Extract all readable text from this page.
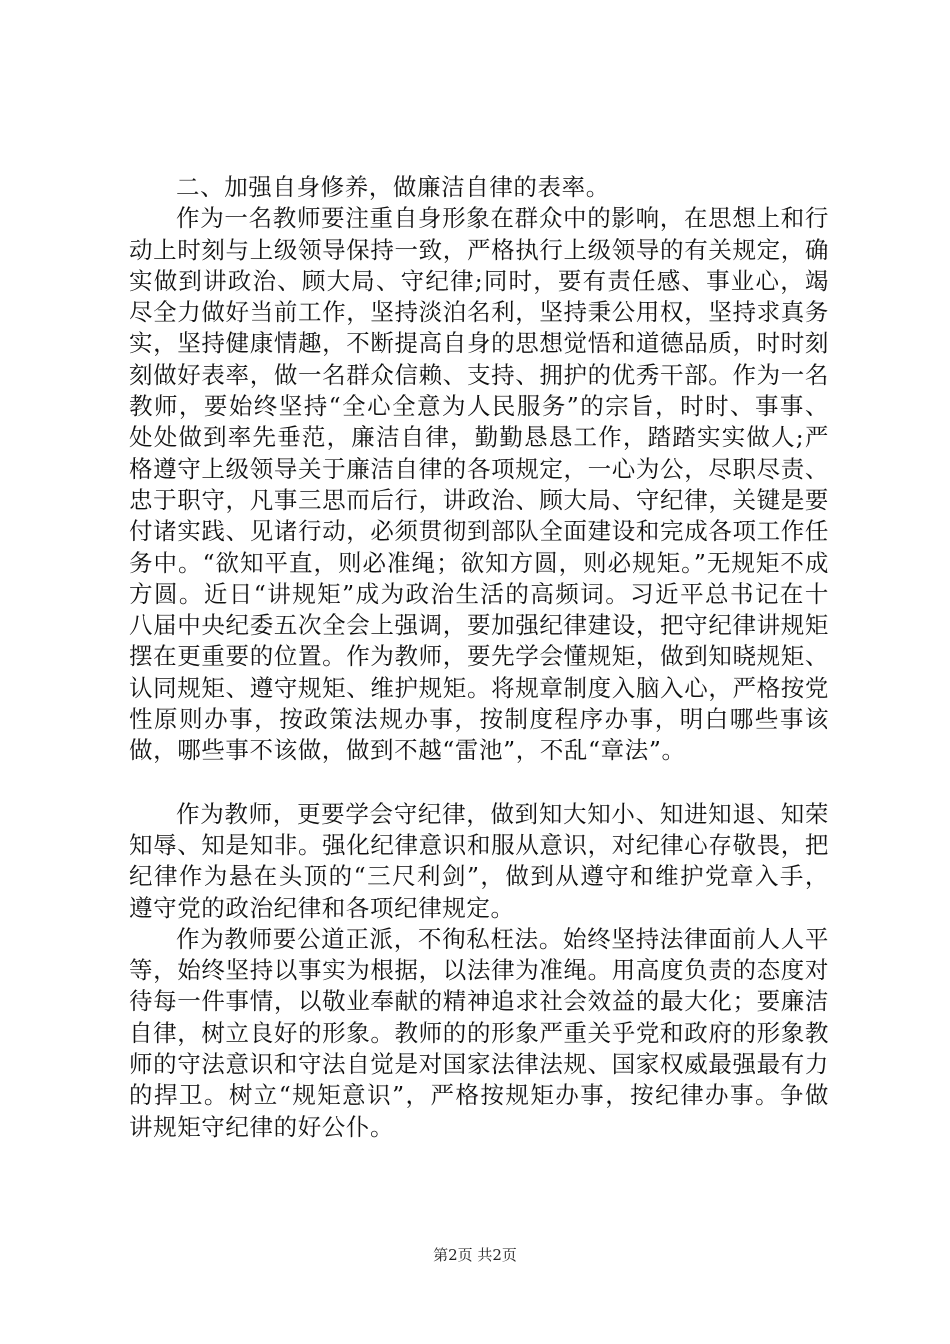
二、加强自身修养，做廉洁自律的表率。

作为一名教师要注重自身形象在群众中的影响，在思想上和行动上时刻与上级领导保持一致，严格执行上级领导的有关规定，确实做到讲政治、顾大局、守纪律;同时，要有责任感、事业心，竭尽全力做好当前工作，坚持淡泊名利，坚持秉公用权，坚持求真务实，坚持健康情趣，不断提高自身的思想觉悟和道德品质，时时刻刻做好表率，做一名群众信赖、支持、拥护的优秀干部。作为一名教师，要始终坚持“全心全意为人民服务”的宗旨，时时、事事、处处做到率先垂范，廉洁自律，勤勤恳恳工作，踏踏实实做人;严格遵守上级领导关于廉洁自律的各项规定，一心为公，尽职尽责、忠于职守，凡事三思而后行，讲政治、顾大局、守纪律，关键是要付诸实践、见诸行动，必须贯彻到部队全面建设和完成各项工作任务中。“欲知平直，则必准绳；欲知方圆，则必规矩。”无规矩不成方圆。近日“讲规矩”成为政治生活的高频词。习近平总书记在十八届中央纪委五次全会上强调，要加强纪律建设，把守纪律讲规矩摆在更重要的位置。作为教师，要先学会懂规矩，做到知晓规矩、认同规矩、遵守规矩、维护规矩。将规章制度入脑入心，严格按党性原则办事，按政策法规办事，按制度程序办事，明白哪些事该做，哪些事不该做，做到不越“雷池”，不乱“章法”。

作为教师，更要学会守纪律，做到知大知小、知进知退、知荣知辱、知是知非。强化纪律意识和服从意识，对纪律心存敬畏，把纪律作为悬在头顶的“三尺利剑”，做到从遵守和维护党章入手，遵守党的政治纪律和各项纪律规定。

作为教师要公道正派，不徇私枉法。始终坚持法律面前人人平等，始终坚持以事实为根据，以法律为准绳。用高度负责的态度对待每一件事情，以敬业奉献的精神追求社会效益的最大化；要廉洁自律，树立良好的形象。教师的的形象严重关乎党和政府的形象教师的守法意识和守法自觉是对国家法律法规、国家权威最强最有力的捍卫。树立“规矩意识”，严格按规矩办事，按纪律办事。争做讲规矩守纪律的好公仆。

第2页 共2页
